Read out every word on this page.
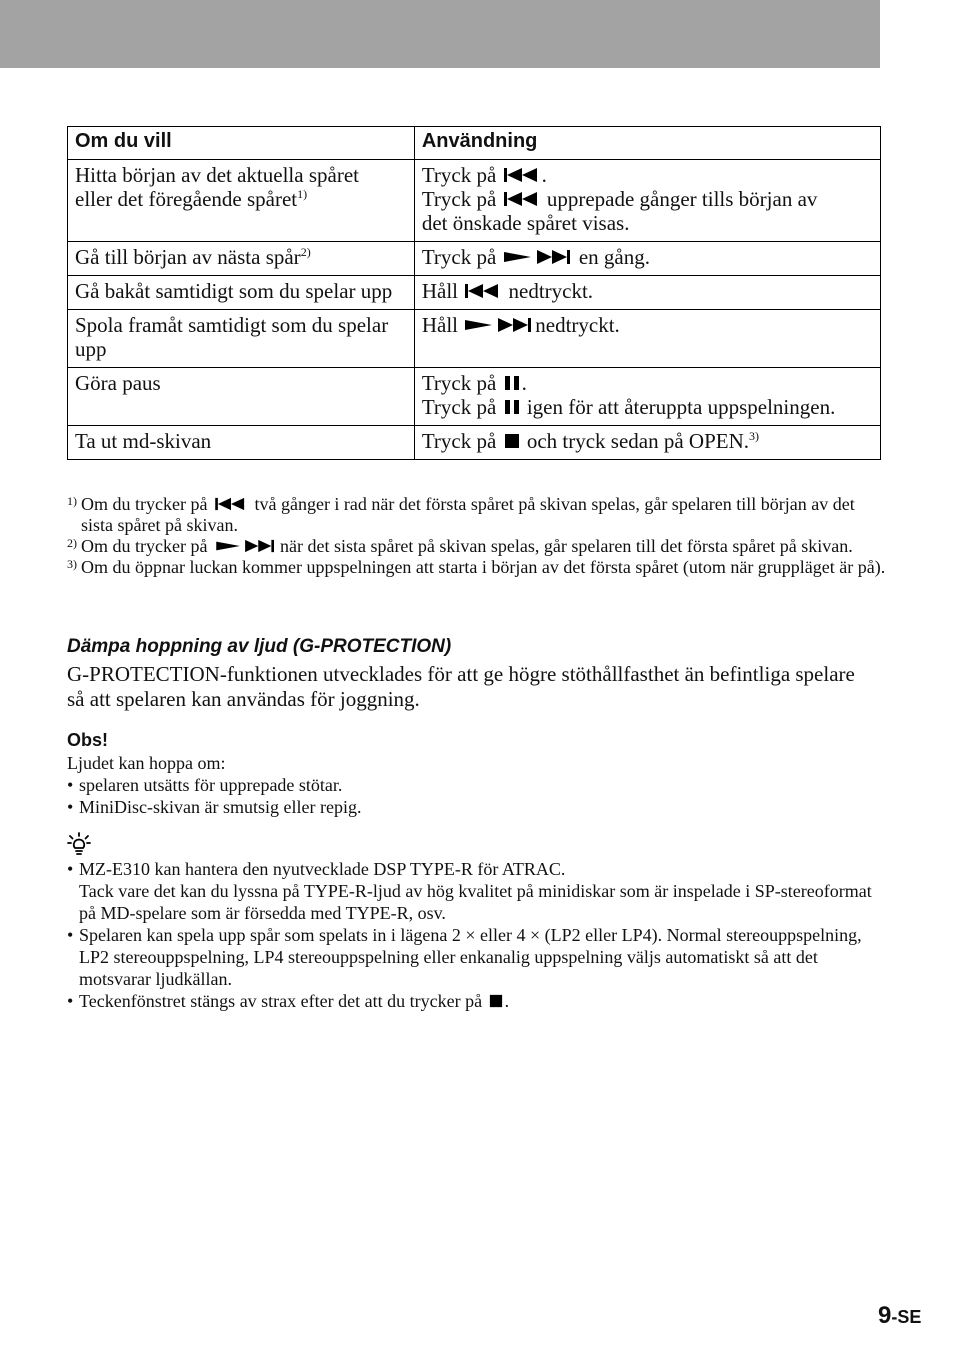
Om du vill	Användning
Hitta början av det aktuella spåret
eller det föregående spåret$^{1)}$	Tryck på .
Tryck på upprepade gånger tills början av
det önskade spåret visas.
Gå till början av nästa spår$^{2)}$	Tryck på en gång.
Gå bakåt samtidigt som du spelar upp	Håll nedtryckt.
Spola framåt samtidigt som du spelar upp	Håll nedtryckt.
Göra paus	Tryck på .
Tryck på igen för att återuppta uppspelningen.
Ta ut md-skivan	Tryck på och tryck sedan på OPEN.$^{3)}$
1) Om du trycker på	två gånger i rad när det första spåret på skivan spelas, går spelaren till början av det sista spåret på skivan.
2) Om du trycker på	när det sista spåret på skivan spelas, går spelaren till det första spåret på skivan.
3) Om du öppnar luckan kommer uppspelningen att starta i början av det första spåret (utom när gruppläget är på).
Dämpa hoppning av ljud (G-PROTECTION)
G-PROTECTION-funktionen utvecklades för att ge högre stöthållfasthet än befintliga spelare så att spelaren kan användas för joggning.
Obs!
Ljudet kan hoppa om:
• spelaren utsätts för upprepade stötar.
• MiniDisc-skivan är smutsig eller repig.
• MZ-E310 kan hantera den nyutvecklade DSP TYPE-R för ATRAC.
Tack vare det kan du lyssna på TYPE-R-ljud av hög kvalitet på minidiskar som är inspelade i SP-stereoformat på MD-spelare som är försedda med TYPE-R, osv.
• Spelaren kan spela upp spår som spelats in i lägena 2 × eller 4 × (LP2 eller LP4). Normal stereouppspelning, LP2 stereouppspelning, LP4 stereouppspelning eller enkanalig uppspelning väljs automatiskt så att det motsvarar ljudkällan.
• Teckenfönstret stängs av strax efter det att du trycker på .
9-SE
